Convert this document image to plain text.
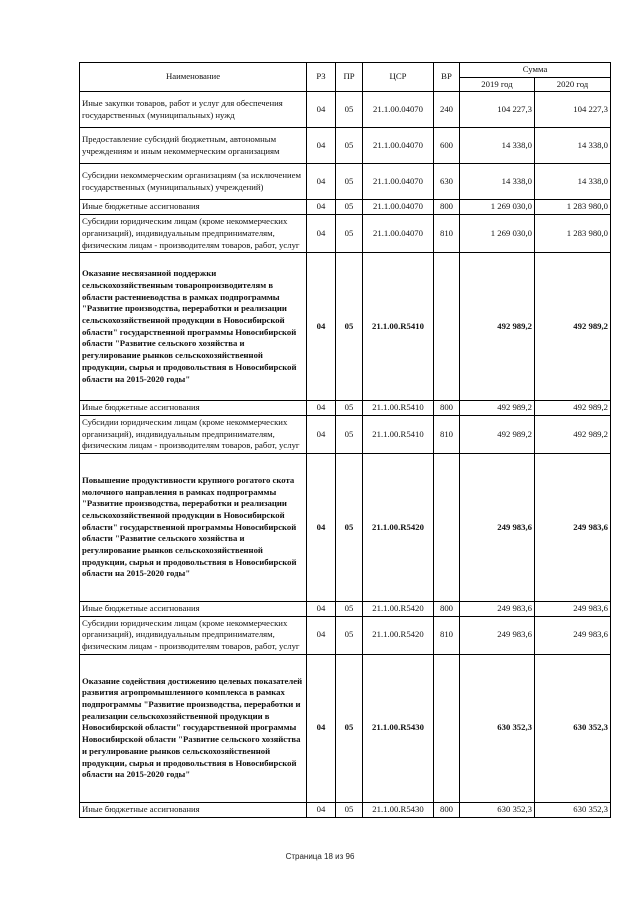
Наименование	РЗ	ПР	ЦСР	ВР	Сумма	
					2019 год	2020 год
Иные закупки товаров, работ и услуг для обеспечения государственных (муниципальных) нужд	04	05	21.1.00.04070	240	104 227,3	104 227,3
Предоставление субсидий бюджетным, автономным учреждениям и иным некоммерческим организациям	04	05	21.1.00.04070	600	14 338,0	14 338,0
Субсидии некоммерческим организациям (за исключением государственных (муниципальных) учреждений)	04	05	21.1.00.04070	630	14 338,0	14 338,0
Иные бюджетные ассигнования	04	05	21.1.00.04070	800	1 269 030,0	1 283 980,0
Субсидии юридическим лицам (кроме некоммерческих организаций), индивидуальным предпринимателям, физическим лицам - производителям товаров, работ, услуг	04	05	21.1.00.04070	810	1 269 030,0	1 283 980,0
Оказание несвязанной поддержки сельскохозяйственным товаропроизводителям в области растениеводства в рамках подпрограммы "Развитие производства, переработки и реализации сельскохозяйственной продукции в Новосибирской области" государственной программы Новосибирской области "Развитие сельского хозяйства и регулирование рынков сельскохозяйственной продукции, сырья и продовольствия в Новосибирской области на 2015-2020 годы"	04	05	21.1.00.R5410		492 989,2	492 989,2
Иные бюджетные ассигнования	04	05	21.1.00.R5410	800	492 989,2	492 989,2
Субсидии юридическим лицам (кроме некоммерческих организаций), индивидуальным предпринимателям, физическим лицам - производителям товаров, работ, услуг	04	05	21.1.00.R5410	810	492 989,2	492 989,2
Повышение продуктивности крупного рогатого скота молочного направления в рамках подпрограммы "Развитие производства, переработки и реализации сельскохозяйственной продукции в Новосибирской области" государственной программы Новосибирской области "Развитие сельского хозяйства и регулирование рынков сельскохозяйственной продукции, сырья и продовольствия в Новосибирской области на 2015-2020 годы"	04	05	21.1.00.R5420		249 983,6	249 983,6
Иные бюджетные ассигнования	04	05	21.1.00.R5420	800	249 983,6	249 983,6
Субсидии юридическим лицам (кроме некоммерческих организаций), индивидуальным предпринимателям, физическим лицам - производителям товаров, работ, услуг	04	05	21.1.00.R5420	810	249 983,6	249 983,6
Оказание содействия достижению целевых показателей развития агропромышленного комплекса в рамках подпрограммы "Развитие производства, переработки и реализации сельскохозяйственной продукции в Новосибирской области" государственной программы Новосибирской области "Развитие сельского хозяйства и регулирование рынков сельскохозяйственной продукции, сырья и продовольствия в Новосибирской области на 2015-2020 годы"	04	05	21.1.00.R5430		630 352,3	630 352,3
Иные бюджетные ассигнования	04	05	21.1.00.R5430	800	630 352,3	630 352,3
Страница 18 из 96
